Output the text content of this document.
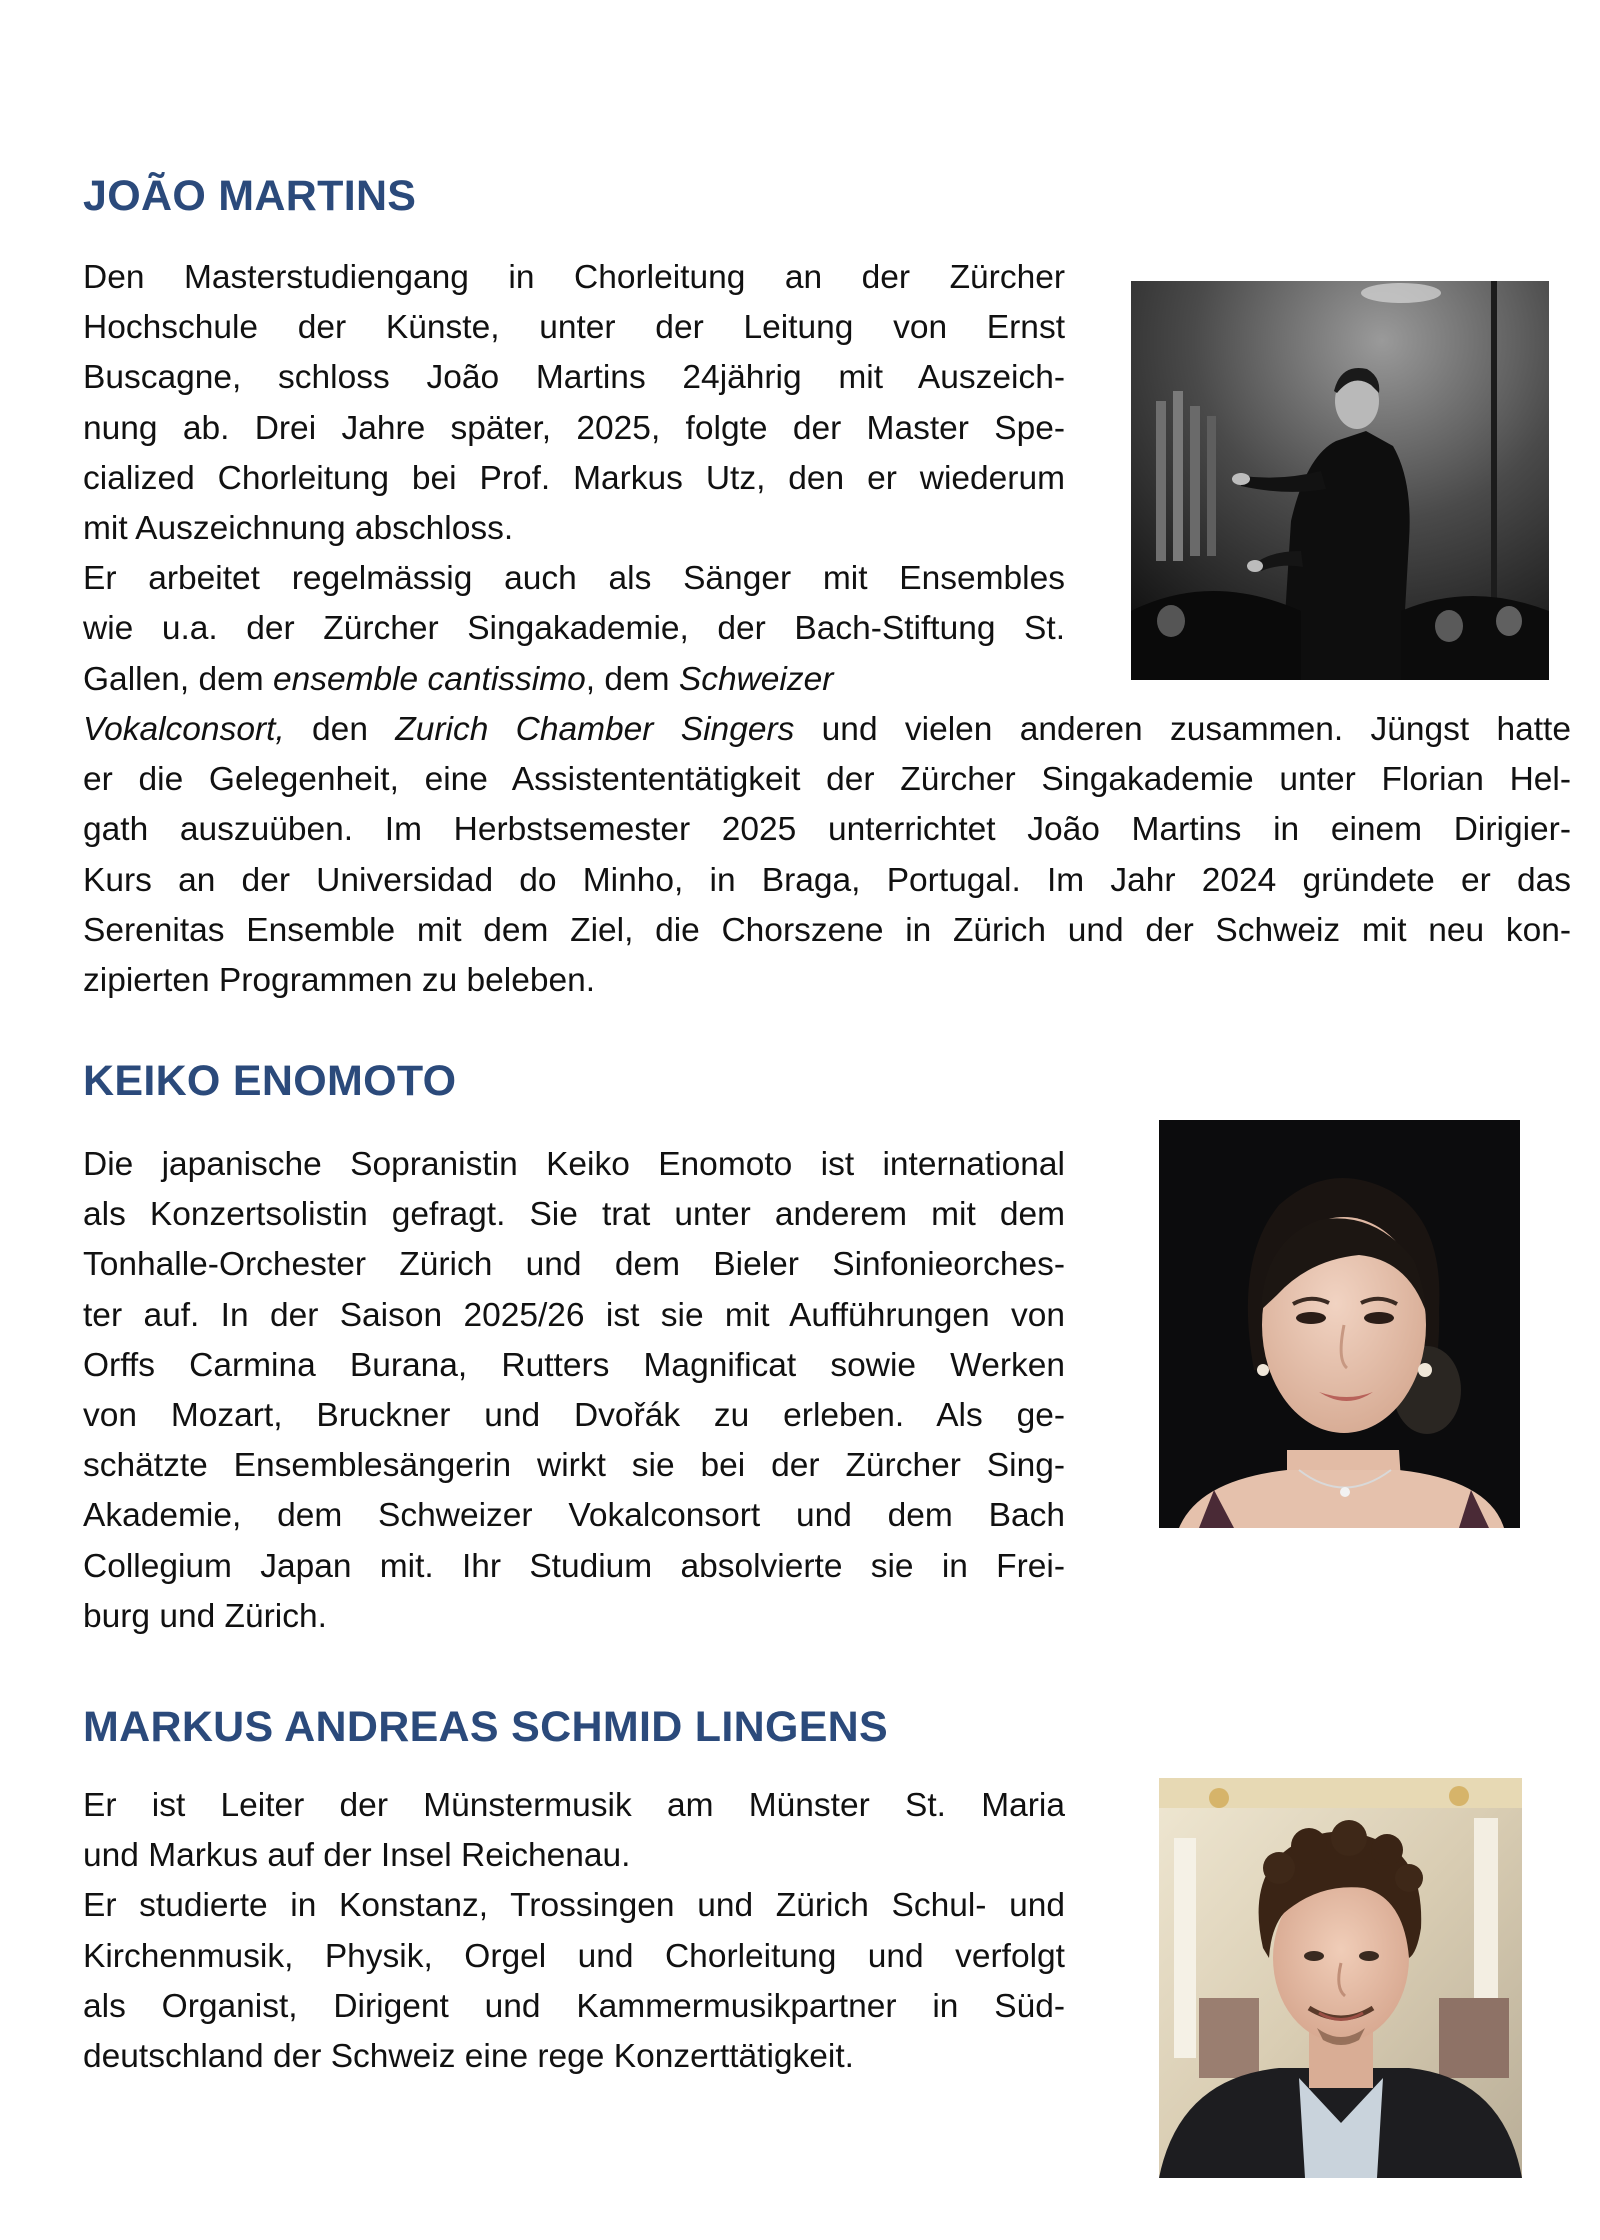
JOÃO MARTINS
Den Masterstudiengang in Chorleitung an der Zürcher
Hochschule der Künste, unter der Leitung von Ernst
Buscagne, schloss João Martins 24jährig mit Auszeich-
nung ab. Drei Jahre später, 2025, folgte der Master Spe-
cialized Chorleitung bei Prof. Markus Utz, den er wiederum
mit Auszeichnung abschloss.
Er arbeitet regelmässig auch als Sänger mit Ensembles
wie u.a. der Zürcher Singakademie, der Bach-Stiftung St.
Gallen, dem ensemble cantissimo, dem Schweizer
Vokalconsort, den Zurich Chamber Singers und vielen anderen zusammen. Jüngst hatte
er die Gelegenheit, eine Assistententätigkeit der Zürcher Singakademie unter Florian Hel-
gath auszuüben. Im Herbstsemester 2025 unterrichtet João Martins in einem Dirigier-
Kurs an der Universidad do Minho, in Braga, Portugal. Im Jahr 2024 gründete er das
Serenitas Ensemble mit dem Ziel, die Chorszene in Zürich und der Schweiz mit neu kon-
zipierten Programmen zu beleben.
KEIKO ENOMOTO
Die japanische Sopranistin Keiko Enomoto ist international
als Konzertsolistin gefragt. Sie trat unter anderem mit dem
Tonhalle-Orchester Zürich und dem Bieler Sinfonieorches-
ter auf. In der Saison 2025/26 ist sie mit Aufführungen von
Orffs Carmina Burana, Rutters Magnificat sowie Werken
von Mozart, Bruckner und Dvořák zu erleben. Als ge-
schätzte Ensemblesängerin wirkt sie bei der Zürcher Sing-
Akademie, dem Schweizer Vokalconsort und dem Bach
Collegium Japan mit. Ihr Studium absolvierte sie in Frei-
burg und Zürich.
MARKUS ANDREAS SCHMID LINGENS
Er ist Leiter der Münstermusik am Münster St. Maria
und Markus auf der Insel Reichenau.
Er studierte in Konstanz, Trossingen und Zürich Schul- und
Kirchenmusik, Physik, Orgel und Chorleitung und verfolgt
als Organist, Dirigent und Kammermusikpartner in Süd-
deutschland der Schweiz eine rege Konzerttätigkeit.
